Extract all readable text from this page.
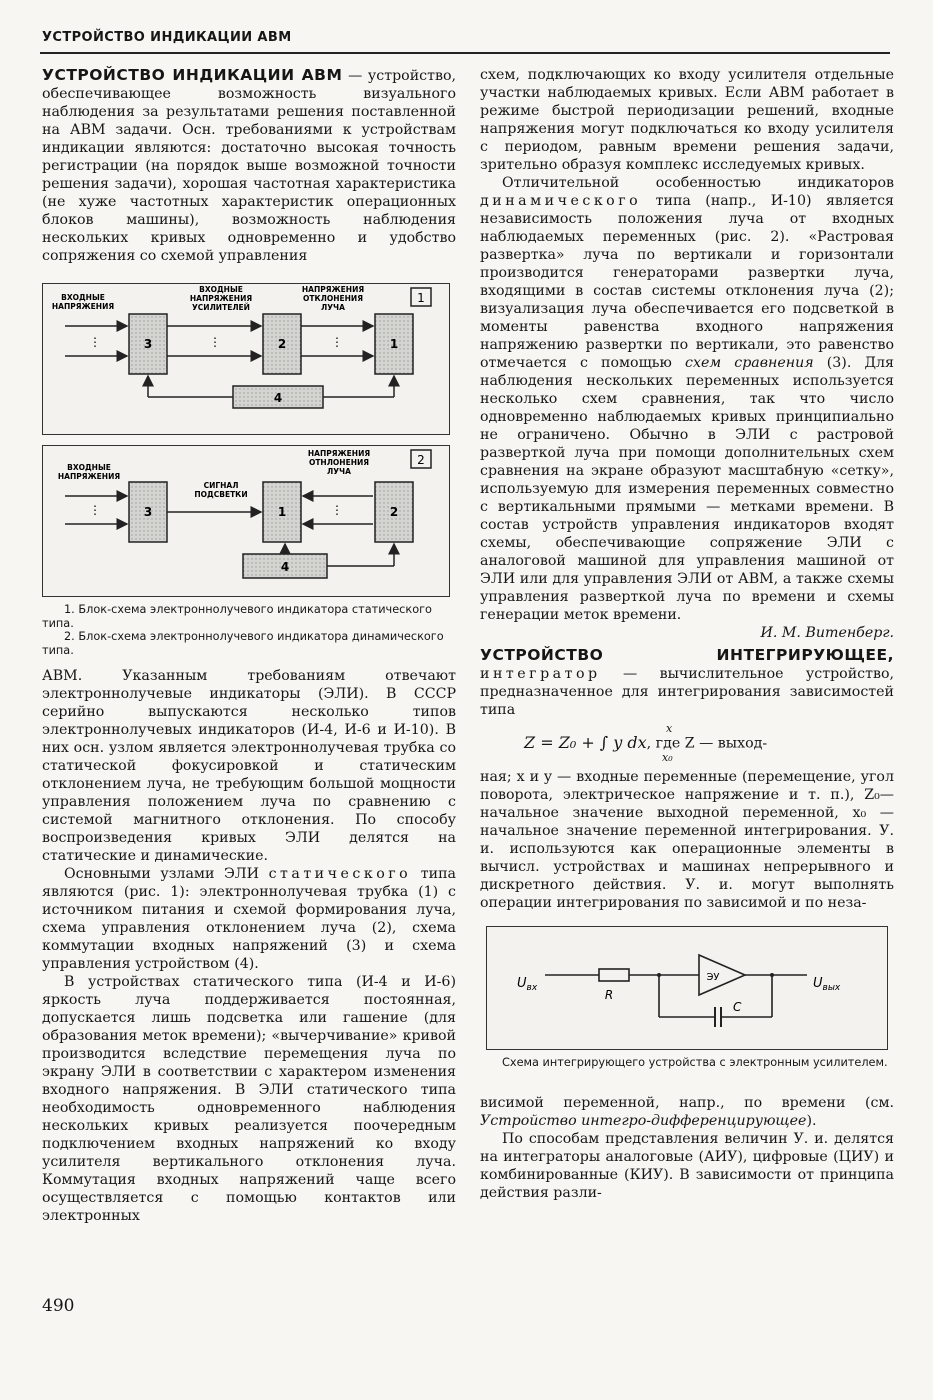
УСТРОЙСТВО ИНДИКАЦИИ АВМ

УСТРОЙСТВО ИНДИКАЦИИ АВМ — устройство, обеспечивающее возможность визуального наблюдения за результатами решения поставленной на АВМ задачи. Осн. требованиями к устройствам индикации являются: достаточно высокая точность регистрации (на порядок выше возможной точности решения задачи), хорошая частотная характеристика (не хуже частотных характеристик операционных блоков машины), возможность наблюдения нескольких кривых одновременно и удобство сопряжения со схемой управления

1
ВХОДНЫЕ НАПРЯЖЕНИЯ
ВХОДНЫЕ НАПРЯЖЕНИЯ УСИЛИТЕЛЕЙ
НАПРЯЖЕНИЯ ОТКЛОНЕНИЯ ЛУЧА
⋮	3	⋮	2	⋮	1
4
2
ВХОДНЫЕ НАПРЯЖЕНИЯ
СИГНАЛ ПОДСВЕТКИ
НАПРЯЖЕНИЯ ОТНЛОНЕНИЯ ЛУЧА
⋮	3	1	⋮	2
4

1. Блок-схема электроннолучевого индикатора статического типа.

2. Блок-схема электроннолучевого индикатора динамического типа.

АВМ. Указанным требованиям отвечают электроннолучевые индикаторы (ЭЛИ). В СССР серийно выпускаются несколько типов электроннолучевых индикаторов (И-4, И-6 и И-10). В них осн. узлом является электроннолучевая трубка со статической фокусировкой и статическим отклонением луча, не требующим большой мощности управления положением луча по сравнению с системой магнитного отклонения. По способу воспроизведения кривых ЭЛИ делятся на статические и динамические.

Основными узлами ЭЛИ статического типа являются (рис. 1): электроннолучевая трубка (1) с источником питания и схемой формирования луча, схема управления отклонением луча (2), схема коммутации входных напряжений (3) и схема управления устройством (4).

В устройствах статического типа (И-4 и И-6) яркость луча поддерживается постоянная, допускается лишь подсветка или гашение (для образования меток времени); «вычерчивание» кривой производится вследствие перемещения луча по экрану ЭЛИ в соответствии с характером изменения входного напряжения. В ЭЛИ статического типа необходимость одновременного наблюдения нескольких кривых реализуется поочередным подключением входных напряжений ко входу усилителя вертикального отклонения луча. Коммутация входных напряжений чаще всего осуществляется с помощью контактов или электронных

схем, подключающих ко входу усилителя отдельные участки наблюдаемых кривых. Если АВМ работает в режиме быстрой периодизации решений, входные напряжения могут подключаться ко входу усилителя с периодом, равным времени решения задачи, зрительно образуя комплекс исследуемых кривых.

Отличительной особенностью индикаторов динамического типа (напр., И-10) является независимость положения луча от входных наблюдаемых переменных (рис. 2). «Растровая развертка» луча по вертикали и горизонтали производится генераторами развертки луча, входящими в состав системы отклонения луча (2); визуализация луча обеспечивается его подсветкой в моменты равенства входного напряжения напряжению развертки по вертикали, это равенство отмечается с помощью схем сравнения (3). Для наблюдения нескольких переменных используется несколько схем сравнения, так что число одновременно наблюдаемых кривых принципиально не ограничено. Обычно в ЭЛИ с растровой разверткой луча при помощи дополнительных схем сравнения на экране образуют масштабную «сетку», используемую для измерения переменных совместно с вертикальными прямыми — метками времени. В состав устройств управления индикаторов входят схемы, обеспечивающие сопряжение ЭЛИ с аналоговой машиной для управления машиной от ЭЛИ или для управления ЭЛИ от АВМ, а также схемы управления разверткой луча по времени и схемы генерации меток времени.

И. М. Витенберг.

УСТРОЙСТВО ИНТЕГРИРУЮЩЕЕ, интегратор — вычислительное устройство, предназначенное для интегрирования зависимостей типа

Z = Z₀ + ∫ y dx
x
x₀
, где Z — выход-

ная; x и y — входные переменные (перемещение, угол поворота, электрическое напряжение и т. п.), Z₀—начальное значение выходной переменной, x₀ — начальное значение переменной интегрирования. У. и. используются как операционные элементы в вычисл. устройствах и машинах непрерывного и дискретного действия. У. и. могут выполнять операции интегрирования по зависимой и по неза-

$U_{вх}$	R
ЭУ
C
$U_{вых}$

Схема интегрирующего устройства с электронным усилителем.

висимой переменной, напр., по времени (см. Устройство интегро-дифференцирующее).

По способам представления величин У. и. делятся на интеграторы аналоговые (АИУ), цифровые (ЦИУ) и комбинированные (КИУ). В зависимости от принципа действия разли-

490
